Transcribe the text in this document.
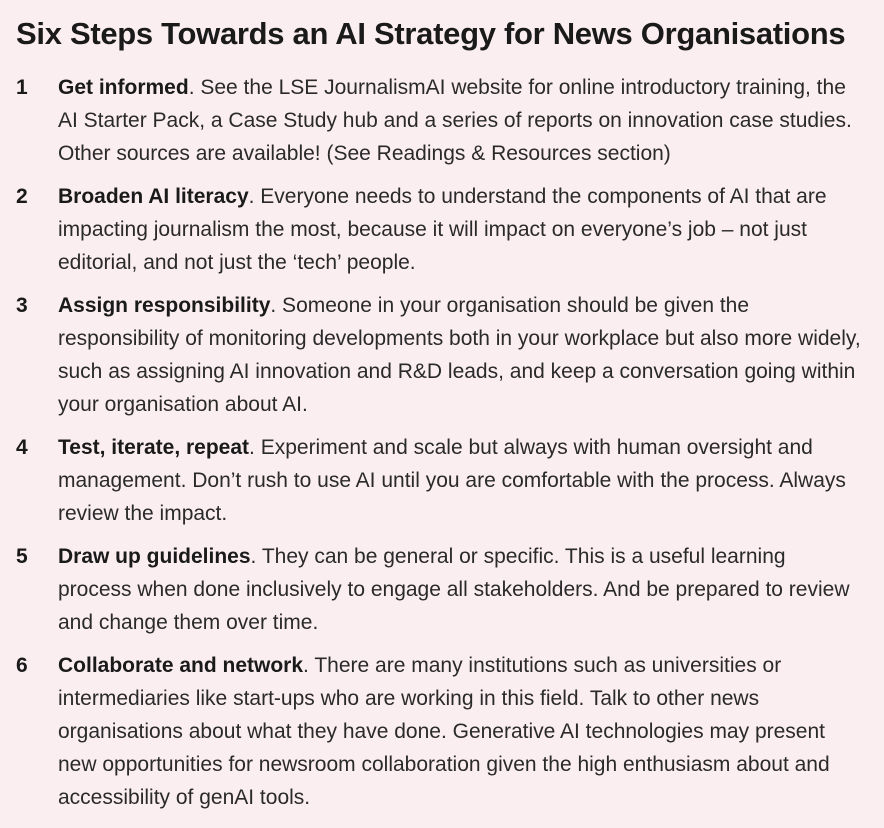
Six Steps Towards an AI Strategy for News Organisations
1	Get informed. See the LSE JournalismAI website for online introductory training, the AI Starter Pack, a Case Study hub and a series of reports on innovation case studies. Other sources are available! (See Readings & Resources section)
2	Broaden AI literacy. Everyone needs to understand the components of AI that are impacting journalism the most, because it will impact on everyone’s job – not just editorial, and not just the ‘tech’ people.
3	Assign responsibility. Someone in your organisation should be given the responsibility of monitoring developments both in your workplace but also more widely, such as assigning AI innovation and R&D leads, and keep a conversation going within your organisation about AI.
4	Test, iterate, repeat. Experiment and scale but always with human oversight and management. Don’t rush to use AI until you are comfortable with the process. Always review the impact.
5	Draw up guidelines. They can be general or specific. This is a useful learning process when done inclusively to engage all stakeholders. And be prepared to review and change them over time.
6	Collaborate and network. There are many institutions such as universities or intermediaries like start-ups who are working in this field. Talk to other news organisations about what they have done. Generative AI technologies may present new opportunities for newsroom collaboration given the high enthusiasm about and accessibility of genAI tools.
